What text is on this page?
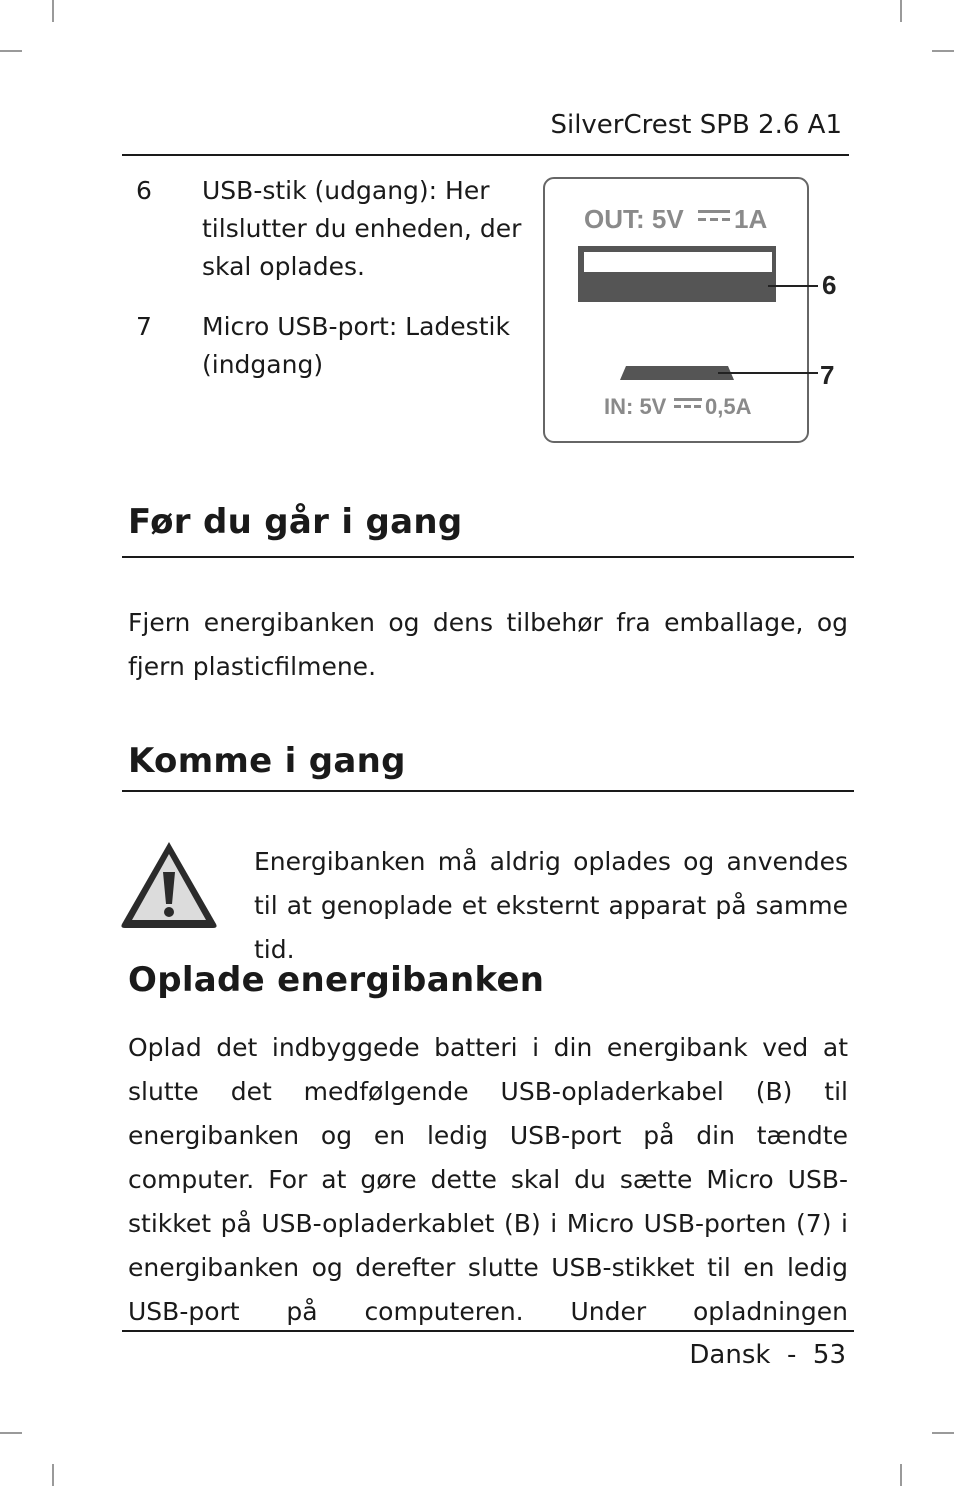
SilverCrest SPB 2.6 A1
6 USB-stik (udgang): Her tilslutter du enheden, der skal oplades.
7 Micro USB-port: Ladestik (indgang)
OUT: 5V 1A
6
7
IN: 5V 0,5A
Før du går i gang

Fjern energibanken og dens tilbehør fra emballage, og fjern plasticfilmene.

Komme i gang

Energibanken må aldrig oplades og anvendes til at genoplade et eksternt apparat på samme tid.

Oplade energibanken

Oplad det indbyggede batteri i din energibank ved at slutte det medfølgende USB-opladerkabel (B) til energibanken og en ledig USB-port på din tændte computer. For at gøre dette skal du sætte Micro USB-stikket på USB-opladerkablet (B) i Micro USB-porten (7) i energibanken og derefter slutte USB-stikket til en ledig USB-port på computeren. Under opladningen

Dansk - 53
